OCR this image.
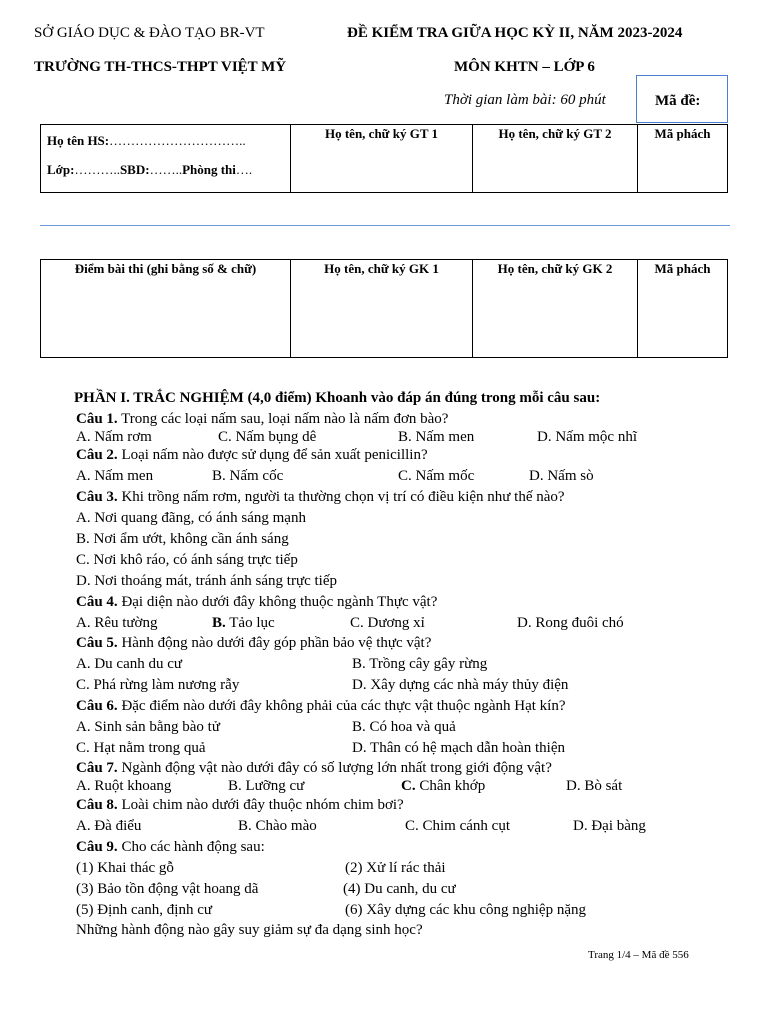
SỞ GIÁO DỤC & ĐÀO TẠO BR-VT	ĐỀ KIỂM TRA GIỮA HỌC KỲ II, NĂM 2023-2024
TRƯỜNG TH-THCS-THPT VIỆT MỸ	MÔN KHTN – LỚP 6
Thời gian làm bài: 60 phút	Mã đề:
Họ tên HS:…………………………..
Lớp:………..SBD:……..Phòng thi….
	Họ tên, chữ ký GT 1	Họ tên, chữ ký GT 2	Mã phách
Điểm bài thi (ghi bằng số & chữ)	Họ tên, chữ ký GK 1	Họ tên, chữ ký GK 2	Mã phách
PHẦN I. TRẮC NGHIỆM (4,0 điểm) Khoanh vào đáp án đúng trong mỗi câu sau:
Câu 1. Trong các loại nấm sau, loại nấm nào là nấm đơn bào?
A. Nấm rơm	C. Nấm bụng dê	B. Nấm men	D. Nấm mộc nhĩ
Câu 2. Loại nấm nào được sử dụng để sản xuất penicillin?
A. Nấm men	B. Nấm cốc	C. Nấm mốc	D. Nấm sò
Câu 3. Khi trồng nấm rơm, người ta thường chọn vị trí có điều kiện như thế nào?
A. Nơi quang đãng, có ánh sáng mạnh
B. Nơi ẩm ướt, không cần ánh sáng
C. Nơi khô ráo, có ánh sáng trực tiếp
D. Nơi thoáng mát, tránh ánh sáng trực tiếp
Câu 4. Đại diện nào dưới đây không thuộc ngành Thực vật?
A. Rêu tường	B. Tảo lục	C. Dương xỉ	D. Rong đuôi chó
Câu 5. Hành động nào dưới đây góp phần bảo vệ thực vật?
A. Du canh du cư	B. Trồng cây gây rừng
C. Phá rừng làm nương rẫy	D. Xây dựng các nhà máy thủy điện
Câu 6. Đặc điểm nào dưới đây không phải của các thực vật thuộc ngành Hạt kín?
A. Sinh sản bằng bào tử	B. Có hoa và quả
C. Hạt nằm trong quả	D. Thân có hệ mạch dẫn hoàn thiện
Câu 7. Ngành động vật nào dưới đây có số lượng lớn nhất trong giới động vật?
A. Ruột khoang	B. Lưỡng cư	C. Chân khớp	D. Bò sát
Câu 8. Loài chim nào dưới đây thuộc nhóm chim bơi?
A. Đà điểu	B. Chào mào	C. Chim cánh cụt	D. Đại bàng
Câu 9. Cho các hành động sau:
(1) Khai thác gỗ	(2) Xử lí rác thải
(3) Bảo tồn động vật hoang dã	(4) Du canh, du cư
(5) Định canh, định cư	(6) Xây dựng các khu công nghiệp nặng
Những hành động nào gây suy giảm sự đa dạng sinh học?
Trang 1/4 – Mã đề 556
